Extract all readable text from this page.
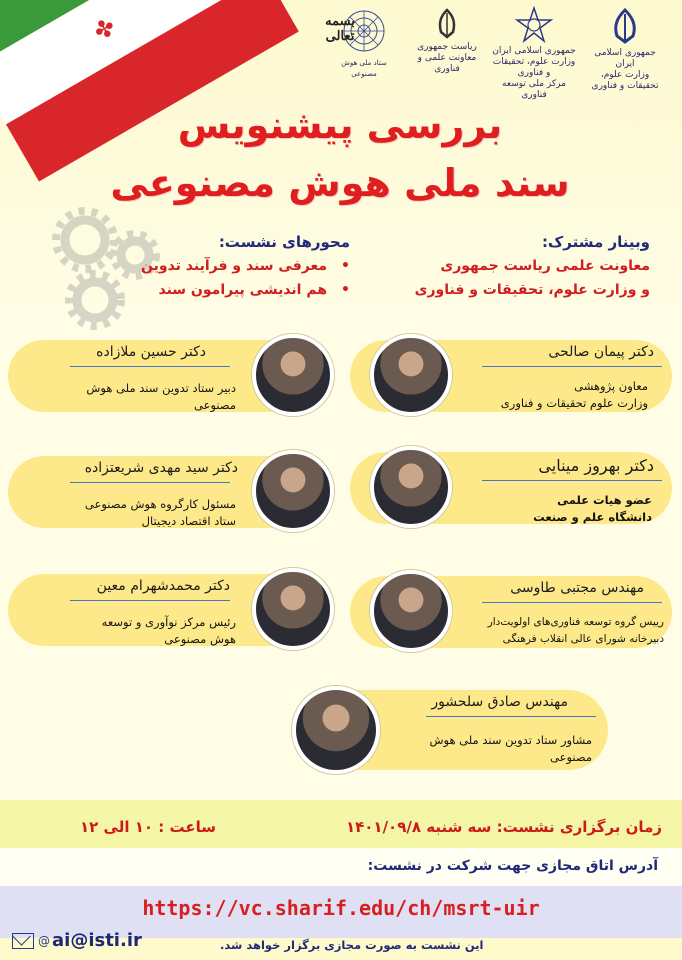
✤
جمهوری اسلامی ایران
وزارت علوم، تحقیقات و فناوری
جمهوری اسلامی ایران
وزارت علوم، تحقیقات و فناوری
مرکز ملی توسعه فناوری
ریاست جمهوری
معاونت علمی و فناوری
ستاد ملی هوش مصنوعی
بسمه تعالی
بررسی پیشنویس
سند ملی هوش مصنوعی
وبینار مشترک:
معاونت علمی ریاست جمهوری
و وزارت علوم، تحقیقات و فناوری
محورهای نشست:
•معرفی سند و فرآیند تدوین
•هم اندیشی پیرامون سند
دکتر پیمان صالحی
معاون پژوهشی
وزارت علوم تحقیقات و فناوری
دکتر بهروز مینایی
عضو هیات علمی
دانشگاه علم و صنعت
مهندس مجتبی طاوسی
رییس گروه توسعه فناوری‌های اولویت‌دار
دبیرخانه شورای عالی انقلاب فرهنگی
دکتر حسین ملازاده
دبیر ستاد تدوین سند ملی هوش
مصنوعی
دکتر سید مهدی شریعتزاده
مسئول کارگروه هوش مصنوعی
ستاد اقتصاد دیجیتال
دکتر محمدشهرام معین
رئیس مرکز نوآوری و توسعه
هوش مصنوعی
مهندس صادق سلحشور
مشاور ستاد تدوین سند ملی هوش
مصنوعی
زمان برگزاری نشست: سه شنبه ۱۴۰۱/۰۹/۸
ساعت : ۱۰ الی ۱۲
آدرس اتاق مجازی جهت شرکت در نشست:
https://vc.sharif.edu/ch/msrt-uir
@ ai@isti.ir	این نشست به صورت مجازی برگزار خواهد شد.
